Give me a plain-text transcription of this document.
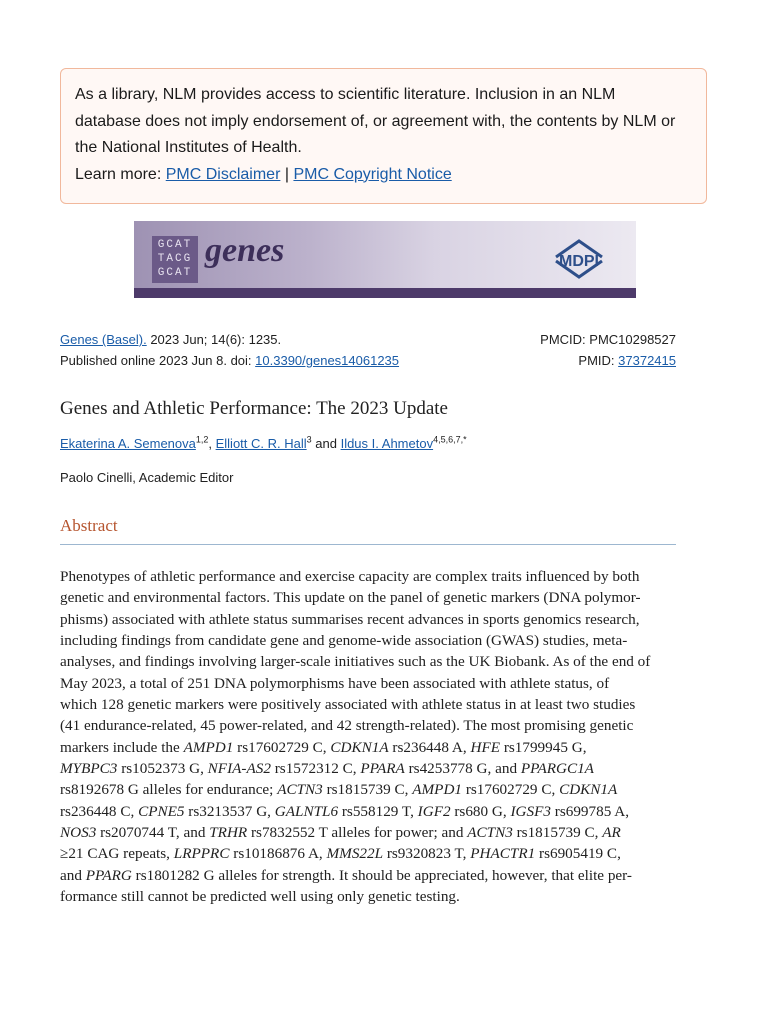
As a library, NLM provides access to scientific literature. Inclusion in an NLM
database does not imply endorsement of, or agreement with, the contents by NLM or
the National Institutes of Health.
Learn more: PMC Disclaimer | PMC Copyright Notice
GCAT
TACG
GCAT
genes	MDPI
Genes (Basel). 2023 Jun; 14(6): 1235.	PMCID: PMC10298527
Published online 2023 Jun 8. doi: 10.3390/genes14061235	PMID: 37372415
Genes and Athletic Performance: The 2023 Update
Ekaterina A. Semenova$^{1,2}$, Elliott C. R. Hall$^3$ and Ildus I. Ahmetov$^{4,5,6,7,*}$
Paolo Cinelli, Academic Editor
Abstract
Phenotypes of athletic performance and exercise capacity are complex traits influenced by both
genetic and environmental factors. This update on the panel of genetic markers (DNA polymor-
phisms) associated with athlete status summarises recent advances in sports genomics research,
including findings from candidate gene and genome-wide association (GWAS) studies, meta-
analyses, and findings involving larger-scale initiatives such as the UK Biobank. As of the end of
May 2023, a total of 251 DNA polymorphisms have been associated with athlete status, of
which 128 genetic markers were positively associated with athlete status in at least two studies
(41 endurance-related, 45 power-related, and 42 strength-related). The most promising genetic
markers include the AMPD1 rs17602729 C, CDKN1A rs236448 A, HFE rs1799945 G,
MYBPC3 rs1052373 G, NFIA-AS2 rs1572312 C, PPARA rs4253778 G, and PPARGC1A
rs8192678 G alleles for endurance; ACTN3 rs1815739 C, AMPD1 rs17602729 C, CDKN1A
rs236448 C, CPNE5 rs3213537 G, GALNTL6 rs558129 T, IGF2 rs680 G, IGSF3 rs699785 A,
NOS3 rs2070744 T, and TRHR rs7832552 T alleles for power; and ACTN3 rs1815739 C, AR
≥21 CAG repeats, LRPPRC rs10186876 A, MMS22L rs9320823 T, PHACTR1 rs6905419 C,
and PPARG rs1801282 G alleles for strength. It should be appreciated, however, that elite per-
formance still cannot be predicted well using only genetic testing.
